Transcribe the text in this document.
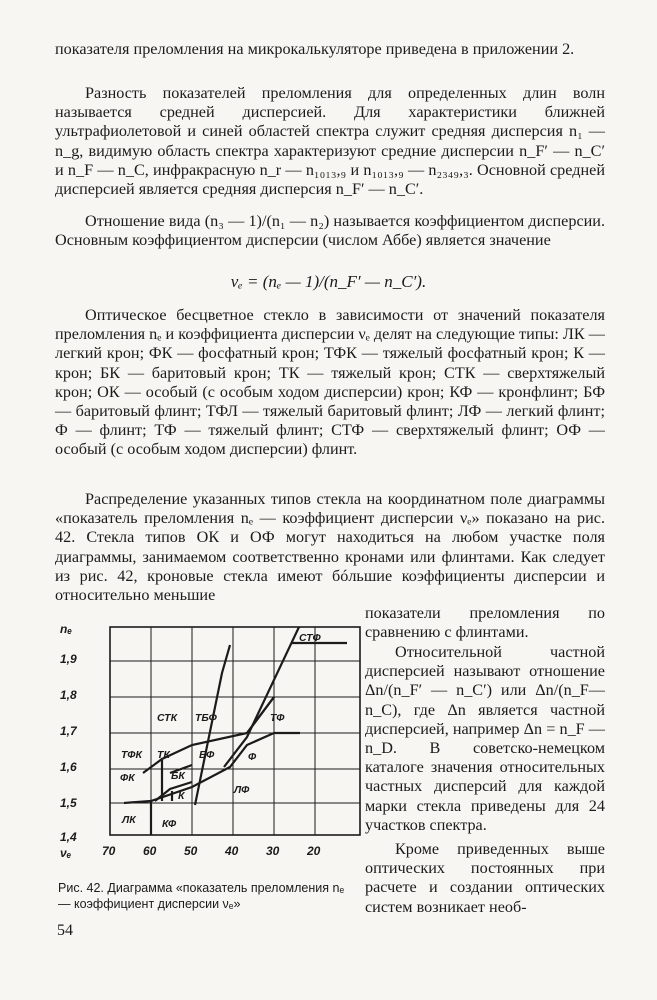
показателя преломления на микрокалькуляторе приведена в приложении 2.

Разность показателей преломления для определенных длин волн называется средней дисперсией. Для характеристики ближней ультрафиолетовой и синей областей спектра служит средняя дисперсия n₁ — n_g, видимую область спектра характеризуют средние дисперсии n_F′ — n_C′ и n_F — n_C, инфракрасную n_r — n₁₀₁₃,₉ и n₁₀₁₃,₉ — n₂₃₄₉,₃. Основной средней дисперсией является средняя дисперсия n_F′ — n_C′.

Отношение вида (n₃ — 1)/(n₁ — n₂) называется коэффициентом дисперсии. Основным коэффициентом дисперсии (числом Аббе) является значение

νₑ = (nₑ — 1)/(n_F′ — n_C′).

Оптическое бесцветное стекло в зависимости от значений показателя преломления nₑ и коэффициента дисперсии νₑ делят на следующие типы: ЛК — легкий крон; ФК — фосфатный крон; ТФК — тяжелый фосфатный крон; К — крон; БК — баритовый крон; ТК — тяжелый крон; СТК — сверхтяжелый крон; ОК — особый (с особым ходом дисперсии) крон; КФ — кронфлинт; БФ — баритовый флинт; ТФЛ — тяжелый баритовый флинт; ЛФ — легкий флинт; Ф — флинт; ТФ — тяжелый флинт; СТФ — сверхтяжелый флинт; ОФ — особый (с особым ходом дисперсии) флинт.

Распределение указанных типов стекла на координатном поле диаграммы «показатель преломления nₑ — коэффициент дисперсии νₑ» показано на рис. 42. Стекла типов ОК и ОФ могут находиться на любом участке поля диаграммы, занимаемом соответственно кронами или флинтами. Как следует из рис. 42, кроновые стекла имеют бóльшие коэффициенты дисперсии и относительно меньшие

показатели преломления по сравнению с флинтами.

Относительной частной дисперсией называют отношение Δn/(n_F′ — n_C′) или Δn/(n_F—n_C), где Δn является частной дисперсией, например Δn = n_F — n_D. В советско-немецком каталоге значения относительных частных дисперсий для каждой марки стекла приведены для 24 участков спектра.

Кроме приведенных выше оптических постоянных при расчете и создании оптических систем возникает необ-

1,9
1,8
1,7
1,6
1,5
1,4
nₑ
νₑ	70 60 50 40 30 20
СТФ
СТК ТБФ	ТФ
ТФК ТК	БФ	Ф
ФК	БК
К	ЛФ
ЛК	КФ
Рис. 42. Диаграмма «показатель преломления nₑ — коэффициент дисперсии νₑ»
54
